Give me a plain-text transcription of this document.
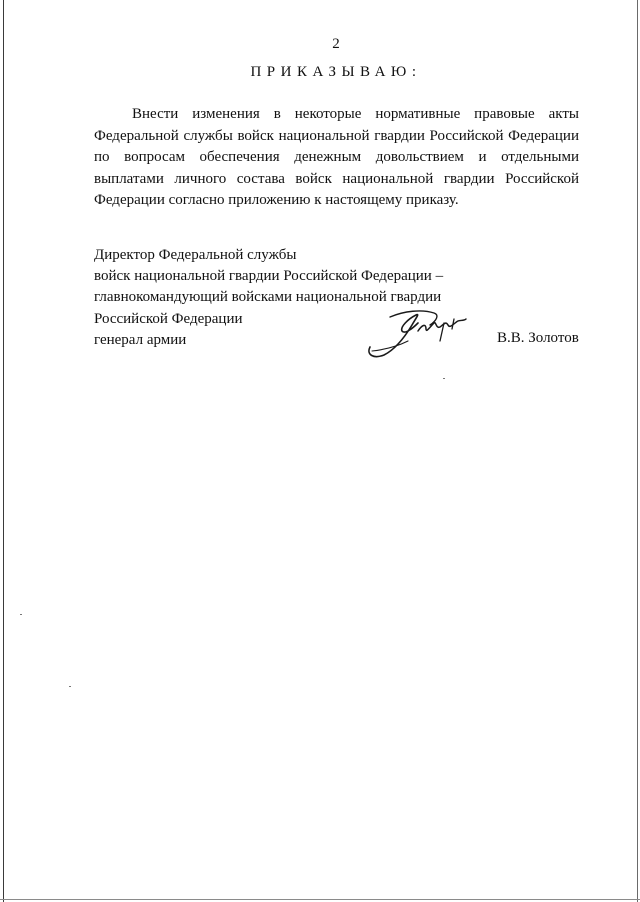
2
ПРИКАЗЫВАЮ:
Внести изменения в некоторые нормативные правовые акты
Федеральной службы войск национальной гвардии Российской Федерации
по вопросам обеспечения денежным довольствием и отдельными
выплатами личного состава войск национальной гвардии Российской
Федерации согласно приложению к настоящему приказу.
Директор Федеральной службы
войск национальной гвардии Российской Федерации –
главнокомандующий войсками национальной гвардии
Российской Федерации
генерал армии	В.В. Золотов
